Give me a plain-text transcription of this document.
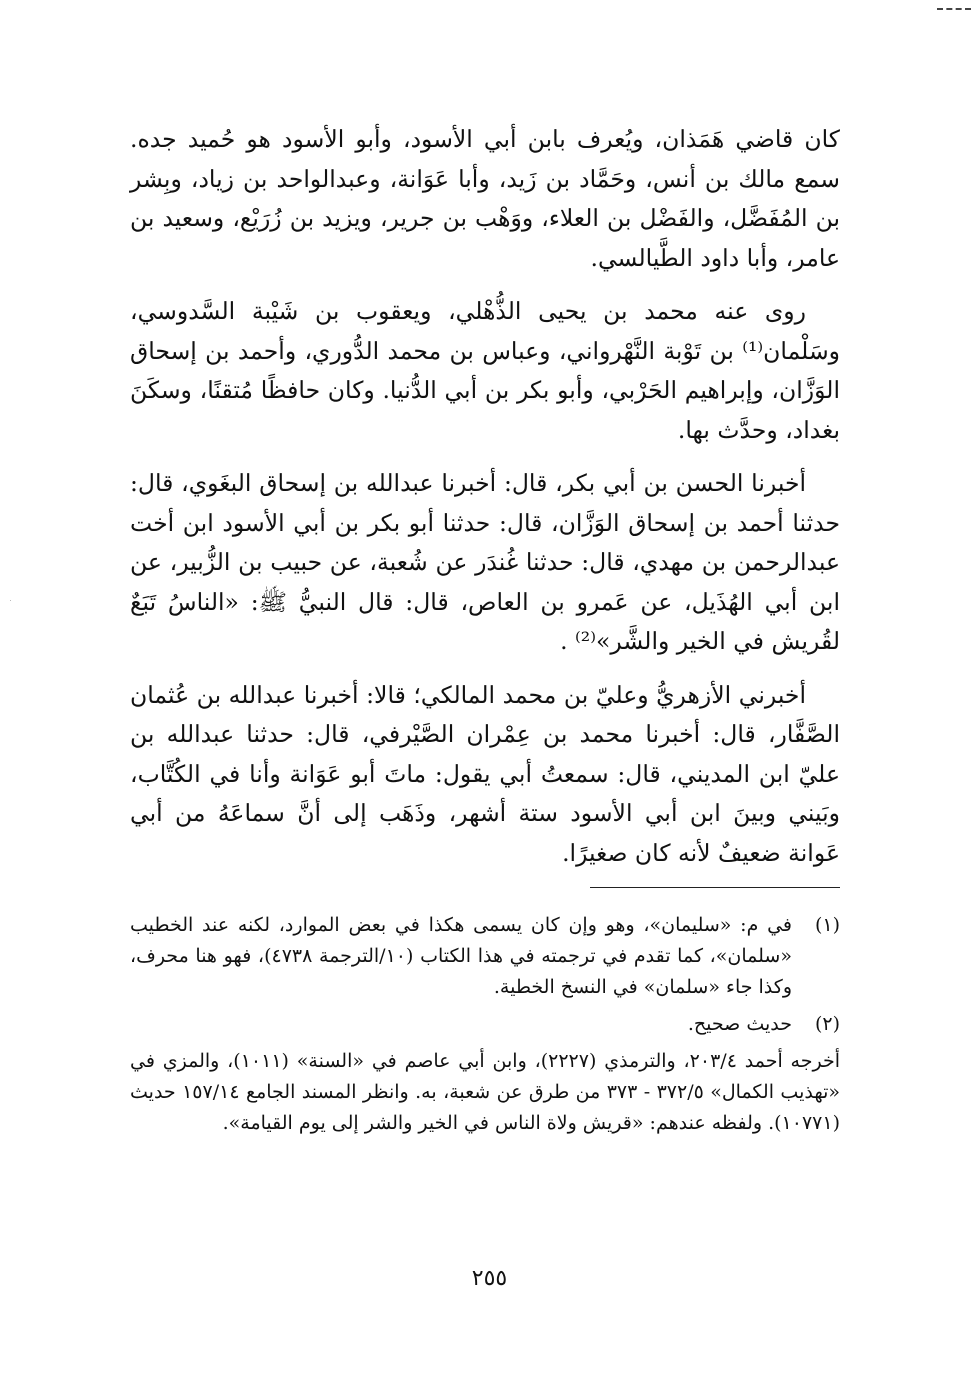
كان قاضي هَمَذان، ويُعرف بابن أبي الأسود، وأبو الأسود هو حُميد جده. سمع مالك بن أنس، وحَمَّاد بن زَيد، وأبا عَوَانة، وعبدالواحد بن زياد، وبِشر بن المُفَضَّل، والفَضْل بن العلاء، ووَهْب بن جرير، ويزيد بن زُرَيْع، وسعيد بن عامر، وأبا داود الطَّيالسي.

روى عنه محمد بن يحيى الذُّهْلي، ويعقوب بن شَيْبة السَّدوسي، وسَلْمان⁽¹⁾ بن تَوْبة النَّهْرواني، وعباس بن محمد الدُّوري، وأحمد بن إسحاق الوَزَّان، وإبراهيم الحَرْبي، وأبو بكر بن أبي الدُّنيا. وكان حافظًا مُتقنًا، وسكَنَ بغداد، وحدَّث بها.

أخبرنا الحسن بن أبي بكر، قال: أخبرنا عبدالله بن إسحاق البغَوي، قال: حدثنا أحمد بن إسحاق الوَزَّان، قال: حدثنا أبو بكر بن أبي الأسود ابن أخت عبدالرحمن بن مهدي، قال: حدثنا غُندَر عن شُعبة، عن حبيب بن الزُّبير، عن ابن أبي الهُذَيل، عن عَمرو بن العاص، قال: قال النبيُّ ﷺ: «الناسُ تَبَعٌ لقُريش في الخير والشَّر»⁽²⁾ .

أخبرني الأزهريُّ وعليّ بن محمد المالكي؛ قالا: أخبرنا عبدالله بن عُثمان الصَّفَّار، قال: أخبرنا محمد بن عِمْران الصَّيْرفي، قال: حدثنا عبدالله بن عليّ ابن المديني، قال: سمعتُ أبي يقول: ماتَ أبو عَوَانة وأنا في الكُتَّاب، وبَيني وبينَ ابن أبي الأسود ستة أشهر، وذَهَب إلى أنَّ سماعَهُ من أبي عَوانة ضعيفٌ لأنه كان صغيرًا.

(١)
في م: «سليمان»، وهو وإن كان يسمى هكذا في بعض الموارد، لكنه عند الخطيب «سلمان»، كما تقدم في ترجمته في هذا الكتاب (١٠/الترجمة ٤٧٣٨)، فهو هنا محرف، وكذا جاء «سلمان» في النسخ الخطية.
(٢)
حديث صحيح.
أخرجه أحمد ٢٠٣/٤، والترمذي (٢٢٢٧)، وابن أبي عاصم في «السنة» (١٠١١)، والمزي في «تهذيب الكمال» ٣٧٢/٥ - ٣٧٣ من طرق عن شعبة، به. وانظر المسند الجامع ١٥٧/١٤ حديث (١٠٧٧١). ولفظه عندهم: «قريش ولاة الناس في الخير والشر إلى يوم القيامة».
٢٥٥
